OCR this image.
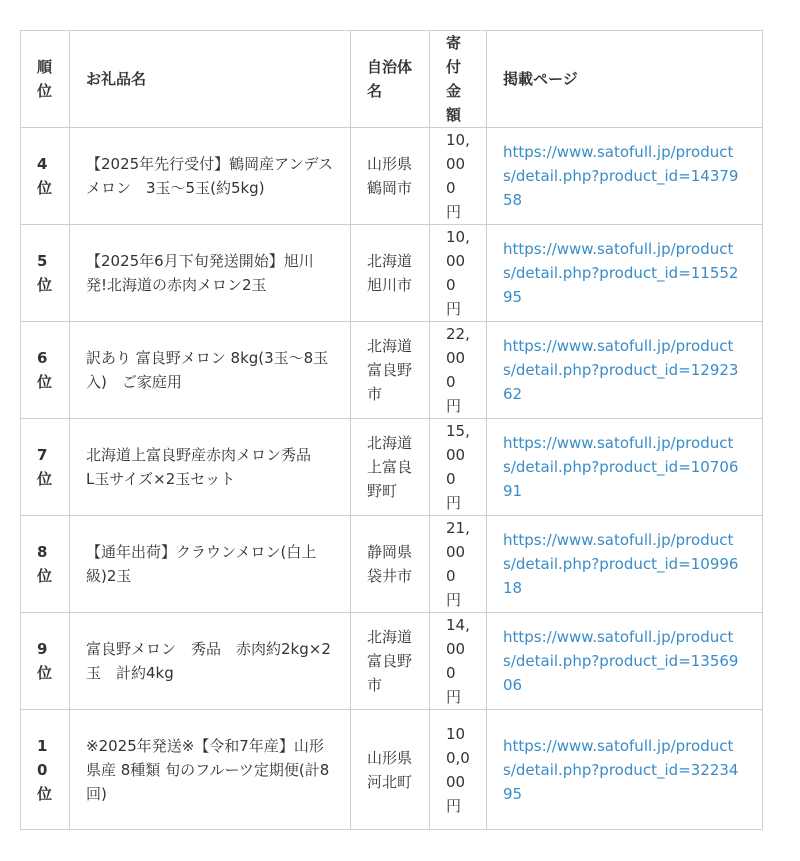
順位	お礼品名	自治体名	寄付金額	掲載ページ
4位	【2025年先行受付】鶴岡産アンデスメロン　3玉〜5玉(約5kg)	山形県鶴岡市	10,000円	https://www.satofull.jp/products/detail.php?product_id=1437958
5位	【2025年6月下旬発送開始】旭川発!北海道の赤肉メロン2玉	北海道旭川市	10,000円	https://www.satofull.jp/products/detail.php?product_id=1155295
6位	訳あり 富良野メロン 8kg(3玉〜8玉入)　ご家庭用	北海道富良野市	22,000円	https://www.satofull.jp/products/detail.php?product_id=1292362
7位	北海道上富良野産赤肉メロン秀品　L玉サイズ×2玉セット	北海道上富良野町	15,000円	https://www.satofull.jp/products/detail.php?product_id=1070691
8位	【通年出荷】クラウンメロン(白上級)2玉	静岡県袋井市	21,000円	https://www.satofull.jp/products/detail.php?product_id=1099618
9位	富良野メロン　秀品　赤肉約2kg×2玉　計約4kg	北海道富良野市	14,000円	https://www.satofull.jp/products/detail.php?product_id=1356906
10位	※2025年発送※【令和7年産】山形県産 8種類 旬のフルーツ定期便(計8回)	山形県河北町	100,000円	https://www.satofull.jp/products/detail.php?product_id=3223495
